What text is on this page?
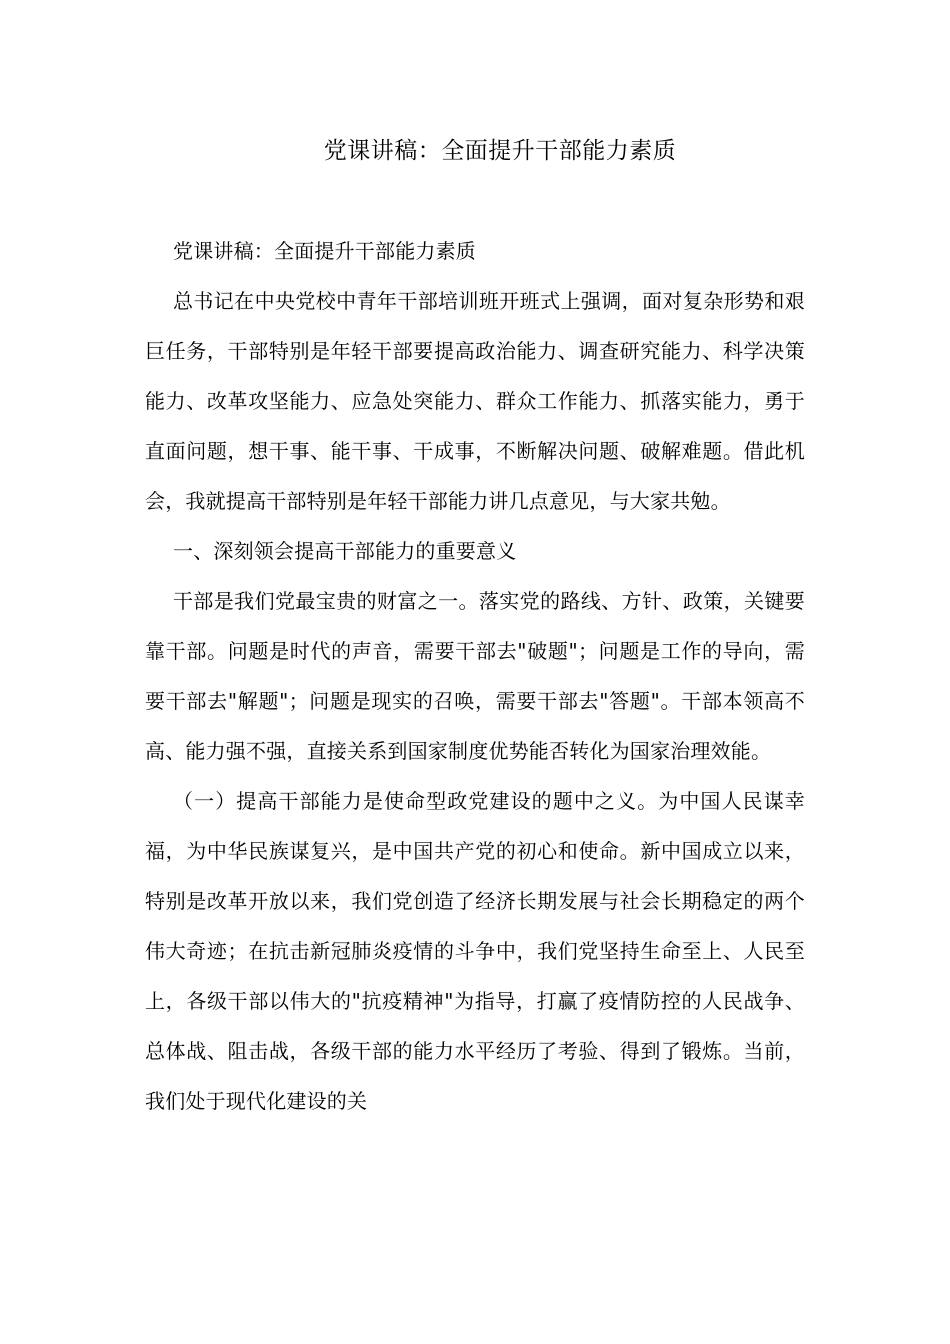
党课讲稿：全面提升干部能力素质

党课讲稿：全面提升干部能力素质

总书记在中央党校中青年干部培训班开班式上强调，面对复杂形势和艰巨任务，干部特别是年轻干部要提高政治能力、调查研究能力、科学决策能力、改革攻坚能力、应急处突能力、群众工作能力、抓落实能力，勇于直面问题，想干事、能干事、干成事，不断解决问题、破解难题。借此机会，我就提高干部特别是年轻干部能力讲几点意见，与大家共勉。

一、深刻领会提高干部能力的重要意义

干部是我们党最宝贵的财富之一。落实党的路线、方针、政策，关键要靠干部。问题是时代的声音，需要干部去"破题"；问题是工作的导向，需要干部去"解题"；问题是现实的召唤，需要干部去"答题"。干部本领高不高、能力强不强，直接关系到国家制度优势能否转化为国家治理效能。

（一）提高干部能力是使命型政党建设的题中之义。为中国人民谋幸福，为中华民族谋复兴，是中国共产党的初心和使命。新中国成立以来，特别是改革开放以来，我们党创造了经济长期发展与社会长期稳定的两个伟大奇迹；在抗击新冠肺炎疫情的斗争中，我们党坚持生命至上、人民至上，各级干部以伟大的"抗疫精神"为指导，打赢了疫情防控的人民战争、总体战、阻击战，各级干部的能力水平经历了考验、得到了锻炼。当前，我们处于现代化建设的关
